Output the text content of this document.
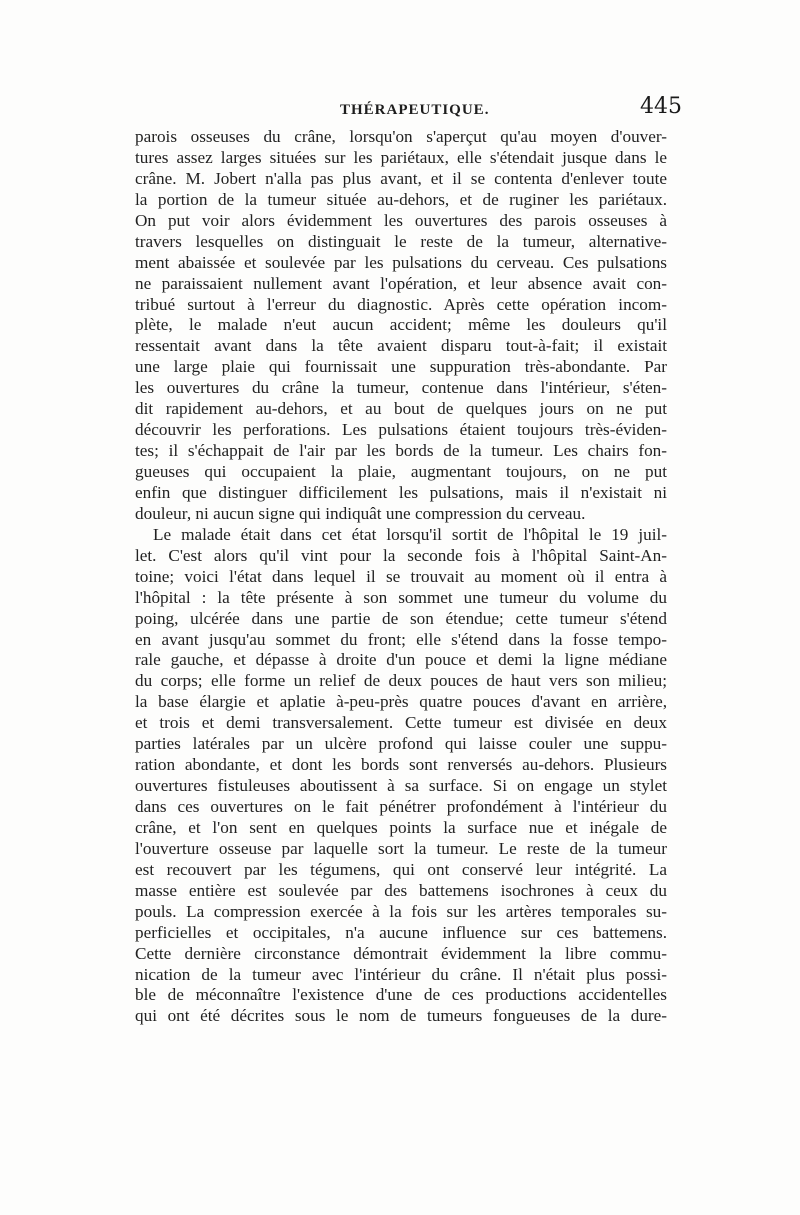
THÉRAPEUTIQUE.	445
parois osseuses du crâne, lorsqu'on s'aperçut qu'au moyen d'ouver-
tures assez larges situées sur les pariétaux, elle s'étendait jusque dans le
crâne. M. Jobert n'alla pas plus avant, et il se contenta d'enlever toute
la portion de la tumeur située au-dehors, et de ruginer les pariétaux.
On put voir alors évidemment les ouvertures des parois osseuses à
travers lesquelles on distinguait le reste de la tumeur, alternative-
ment abaissée et soulevée par les pulsations du cerveau. Ces pulsations
ne paraissaient nullement avant l'opération, et leur absence avait con-
tribué surtout à l'erreur du diagnostic. Après cette opération incom-
plète, le malade n'eut aucun accident; même les douleurs qu'il
ressentait avant dans la tête avaient disparu tout-à-fait; il existait
une large plaie qui fournissait une suppuration très-abondante. Par
les ouvertures du crâne la tumeur, contenue dans l'intérieur, s'éten-
dit rapidement au-dehors, et au bout de quelques jours on ne put
découvrir les perforations. Les pulsations étaient toujours très-éviden-
tes; il s'échappait de l'air par les bords de la tumeur. Les chairs fon-
gueuses qui occupaient la plaie, augmentant toujours, on ne put
enfin que distinguer difficilement les pulsations, mais il n'existait ni
douleur, ni aucun signe qui indiquât une compression du cerveau.
Le malade était dans cet état lorsqu'il sortit de l'hôpital le 19 juil-
let. C'est alors qu'il vint pour la seconde fois à l'hôpital Saint-An-
toine; voici l'état dans lequel il se trouvait au moment où il entra à
l'hôpital : la tête présente à son sommet une tumeur du volume du
poing, ulcérée dans une partie de son étendue; cette tumeur s'étend
en avant jusqu'au sommet du front; elle s'étend dans la fosse tempo-
rale gauche, et dépasse à droite d'un pouce et demi la ligne médiane
du corps; elle forme un relief de deux pouces de haut vers son milieu;
la base élargie et aplatie à-peu-près quatre pouces d'avant en arrière,
et trois et demi transversalement. Cette tumeur est divisée en deux
parties latérales par un ulcère profond qui laisse couler une suppu-
ration abondante, et dont les bords sont renversés au-dehors. Plusieurs
ouvertures fistuleuses aboutissent à sa surface. Si on engage un stylet
dans ces ouvertures on le fait pénétrer profondément à l'intérieur du
crâne, et l'on sent en quelques points la surface nue et inégale de
l'ouverture osseuse par laquelle sort la tumeur. Le reste de la tumeur
est recouvert par les tégumens, qui ont conservé leur intégrité. La
masse entière est soulevée par des battemens isochrones à ceux du
pouls. La compression exercée à la fois sur les artères temporales su-
perficielles et occipitales, n'a aucune influence sur ces battemens.
Cette dernière circonstance démontrait évidemment la libre commu-
nication de la tumeur avec l'intérieur du crâne. Il n'était plus possi-
ble de méconnaître l'existence d'une de ces productions accidentelles
qui ont été décrites sous le nom de tumeurs fongueuses de la dure-
